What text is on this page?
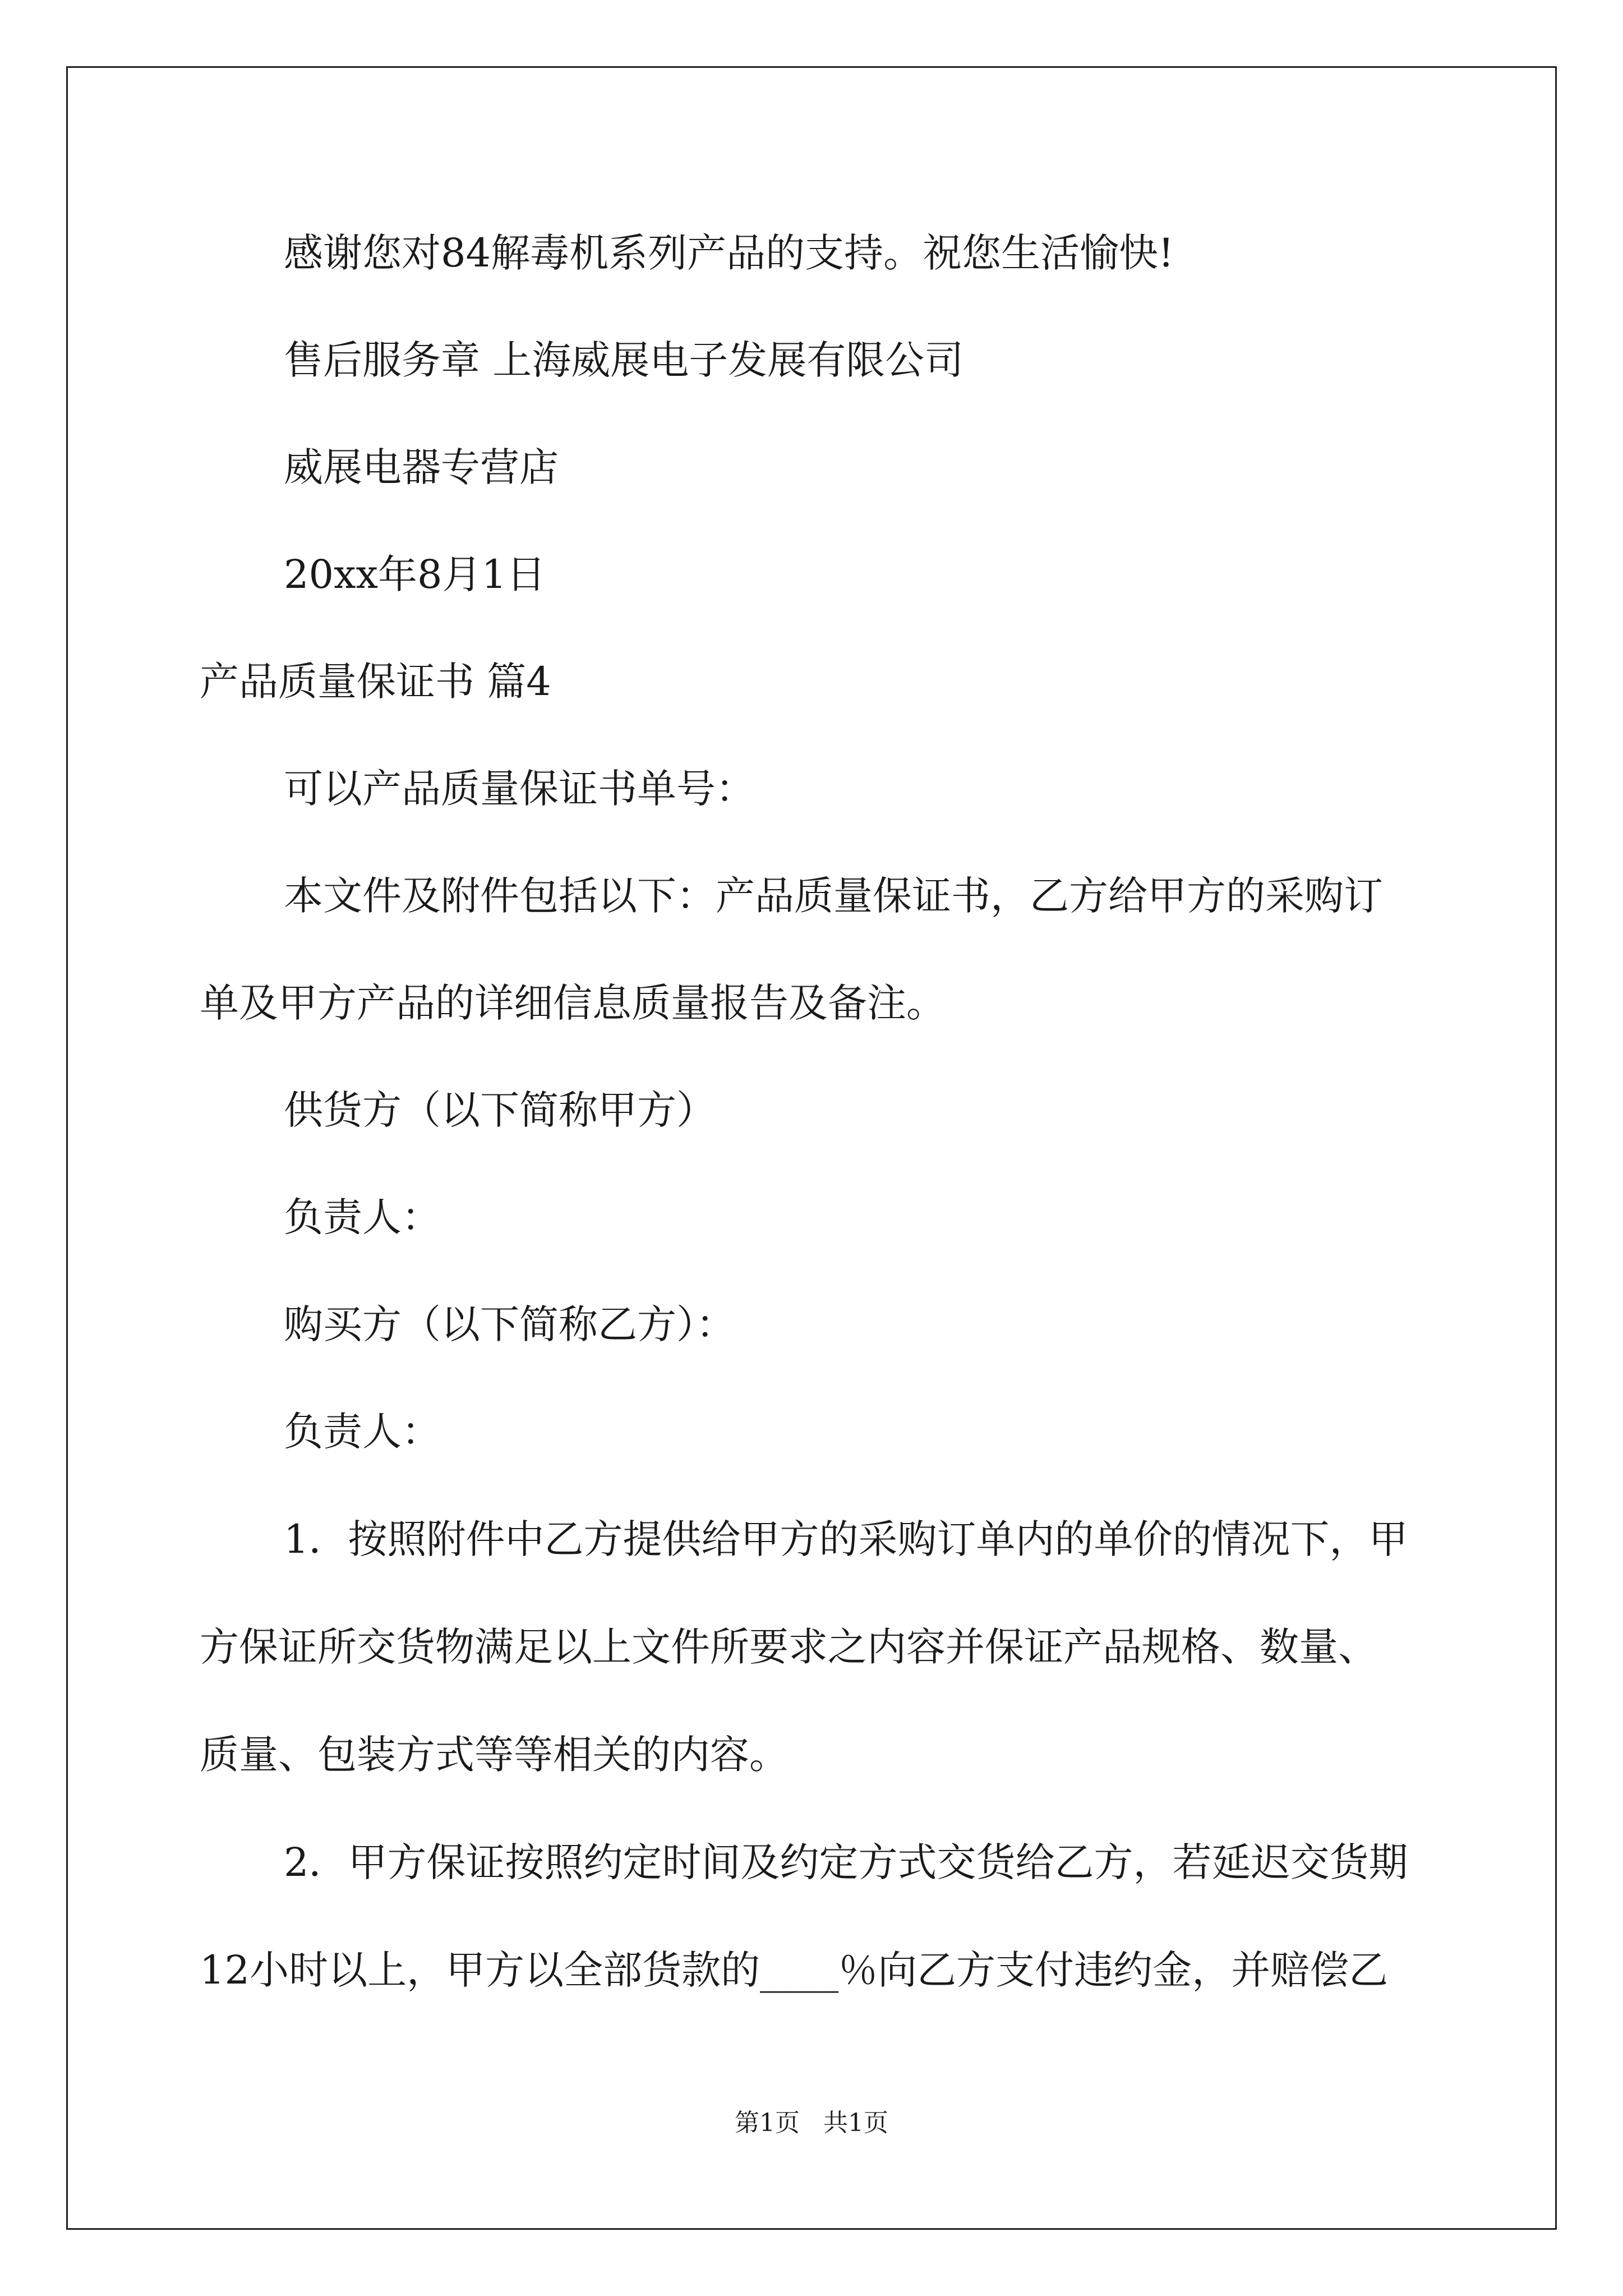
感谢您对84解毒机系列产品的支持。祝您生活愉快!

售后服务章 上海威展电子发展有限公司

威展电器专营店

20xx年8月1日

产品质量保证书 篇4

可以产品质量保证书单号：

本文件及附件包括以下：产品质量保证书，乙方给甲方的采购订

单及甲方产品的详细信息质量报告及备注。

供货方（以下简称甲方）

负责人：

购买方（以下简称乙方）：

负责人：

1．按照附件中乙方提供给甲方的采购订单内的单价的情况下，甲

方保证所交货物满足以上文件所要求之内容并保证产品规格、数量、

质量、包装方式等等相关的内容。

2．甲方保证按照约定时间及约定方式交货给乙方，若延迟交货期

12小时以上，甲方以全部货款的____％向乙方支付违约金，并赔偿乙

第1页   共1页
